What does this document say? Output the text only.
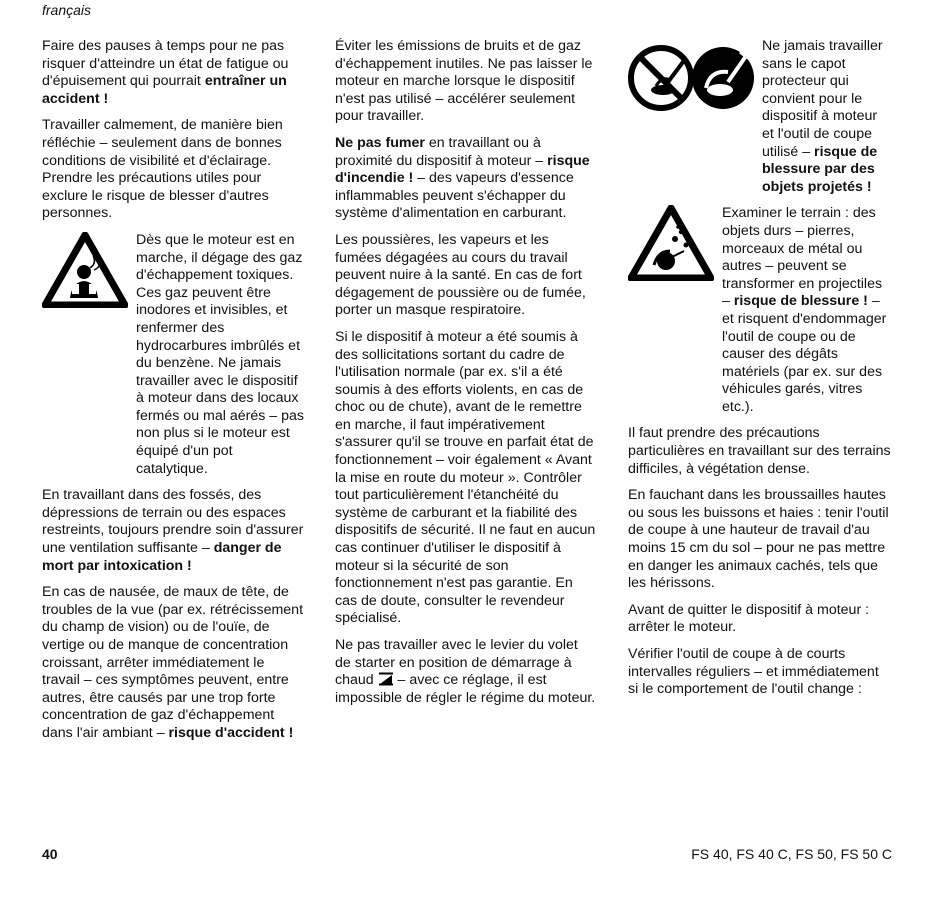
français

Faire des pauses à temps pour ne pas risquer d'atteindre un état de fatigue ou d'épuisement qui pourrait entraîner un accident !

Travailler calmement, de manière bien réfléchie – seulement dans de bonnes conditions de visibilité et d'éclairage. Prendre les précautions utiles pour exclure le risque de blesser d'autres personnes.

Dès que le moteur est en marche, il dégage des gaz d'échappement toxiques. Ces gaz peuvent être inodores et invisibles, et renfermer des hydrocarbures imbrûlés et du benzène. Ne jamais travailler avec le dispositif à moteur dans des locaux fermés ou mal aérés – pas non plus si le moteur est équipé d'un pot catalytique.

En travaillant dans des fossés, des dépressions de terrain ou des espaces restreints, toujours prendre soin d'assurer une ventilation suffisante – danger de mort par intoxication !

En cas de nausée, de maux de tête, de troubles de la vue (par ex. rétrécissement du champ de vision) ou de l'ouïe, de vertige ou de manque de concentration croissant, arrêter immédiatement le travail – ces symptômes peuvent, entre autres, être causés par une trop forte concentration de gaz d'échappement dans l'air ambiant – risque d'accident !

Éviter les émissions de bruits et de gaz d'échappement inutiles. Ne pas laisser le moteur en marche lorsque le dispositif n'est pas utilisé – accélérer seulement pour travailler.

Ne pas fumer en travaillant ou à proximité du dispositif à moteur – risque d'incendie ! – des vapeurs d'essence inflammables peuvent s'échapper du système d'alimentation en carburant.

Les poussières, les vapeurs et les fumées dégagées au cours du travail peuvent nuire à la santé. En cas de fort dégagement de poussière ou de fumée, porter un masque respiratoire.

Si le dispositif à moteur a été soumis à des sollicitations sortant du cadre de l'utilisation normale (par ex. s'il a été soumis à des efforts violents, en cas de choc ou de chute), avant de le remettre en marche, il faut impérativement s'assurer qu'il se trouve en parfait état de fonctionnement – voir également « Avant la mise en route du moteur ». Contrôler tout particulièrement l'étanchéité du système de carburant et la fiabilité des dispositifs de sécurité. Il ne faut en aucun cas continuer d'utiliser le dispositif à moteur si la sécurité de son fonctionnement n'est pas garantie. En cas de doute, consulter le revendeur spécialisé.

Ne pas travailler avec le levier du volet de starter en position de démarrage à chaud  – avec ce réglage, il est impossible de régler le régime du moteur.

Ne jamais travailler sans le capot protecteur qui convient pour le dispositif à moteur et l'outil de coupe utilisé – risque de blessure par des objets projetés !
Examiner le terrain : des objets durs – pierres, morceaux de métal ou autres – peuvent se transformer en projectiles – risque de blessure ! – et risquent d'endommager l'outil de coupe ou de causer des dégâts matériels (par ex. sur des véhicules garés, vitres etc.).

Il faut prendre des précautions particulières en travaillant sur des terrains difficiles, à végétation dense.

En fauchant dans les broussailles hautes ou sous les buissons et haies : tenir l'outil de coupe à une hauteur de travail d'au moins 15 cm du sol – pour ne pas mettre en danger les animaux cachés, tels que les hérissons.

Avant de quitter le dispositif à moteur : arrêter le moteur.

Vérifier l'outil de coupe à de courts intervalles réguliers – et immédiatement si le comportement de l'outil change :

40	FS 40, FS 40 C, FS 50, FS 50 C
